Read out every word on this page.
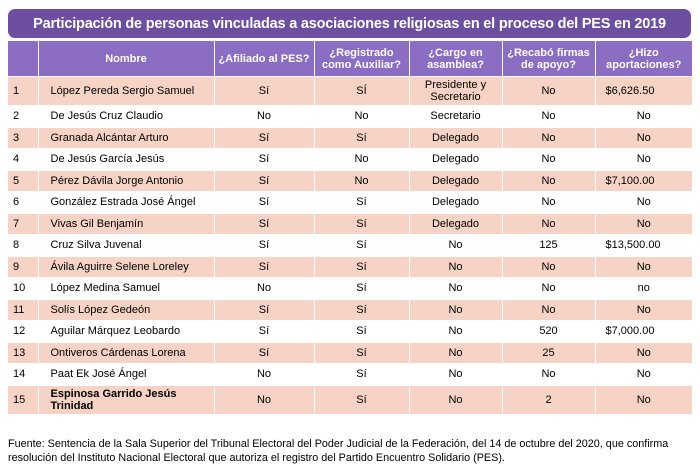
Participación de personas vinculadas a asociaciones religiosas en el proceso del PES en 2019
	Nombre	¿Afiliado al PES?	¿Registrado como Auxiliar?	¿Cargo en asamblea?	¿Recabó firmas de apoyo?	¿Hizo aportaciones?
1	López Pereda Sergio Samuel	Sí	SÍ	Presidente y Secretario	No	$6,626.50
2	De Jesús Cruz Claudio	No	No	Secretario	No	No
3	Granada Alcántar Arturo	Sí	Sí	Delegado	No	No
4	De Jesús García Jesús	Sí	No	Delegado	No	No
5	Pérez Dávila Jorge Antonio	Sí	No	Delegado	No	$7,100.00
6	González Estrada José Ángel	Sí	Sí	Delegado	No	No
7	Vivas Gil Benjamín	Sí	Sí	Delegado	No	No
8	Cruz Silva Juvenal	Sí	Sí	No	125	$13,500.00
9	Ávila Aguirre Selene Loreley	Sí	Sí	No	No	No
10	López Medina Samuel	No	Sí	No	No	no
11	Solís López Gedeón	Sí	Sí	No	No	No
12	Aguilar Márquez Leobardo	Sí	Sí	No	520	$7,000.00
13	Ontiveros Cárdenas Lorena	Sí	Sí	No	25	No
14	Paat Ek José Ángel	No	Sí	No	No	No
15	Espinosa Garrido Jesús Trinidad	No	Sí	No	2	No
Fuente: Sentencia de la Sala Superior del Tribunal Electoral del Poder Judicial de la Federación, del 14 de octubre del 2020, que confirma resolución del Instituto Nacional Electoral que autoriza el registro del Partido Encuentro Solidario (PES).
